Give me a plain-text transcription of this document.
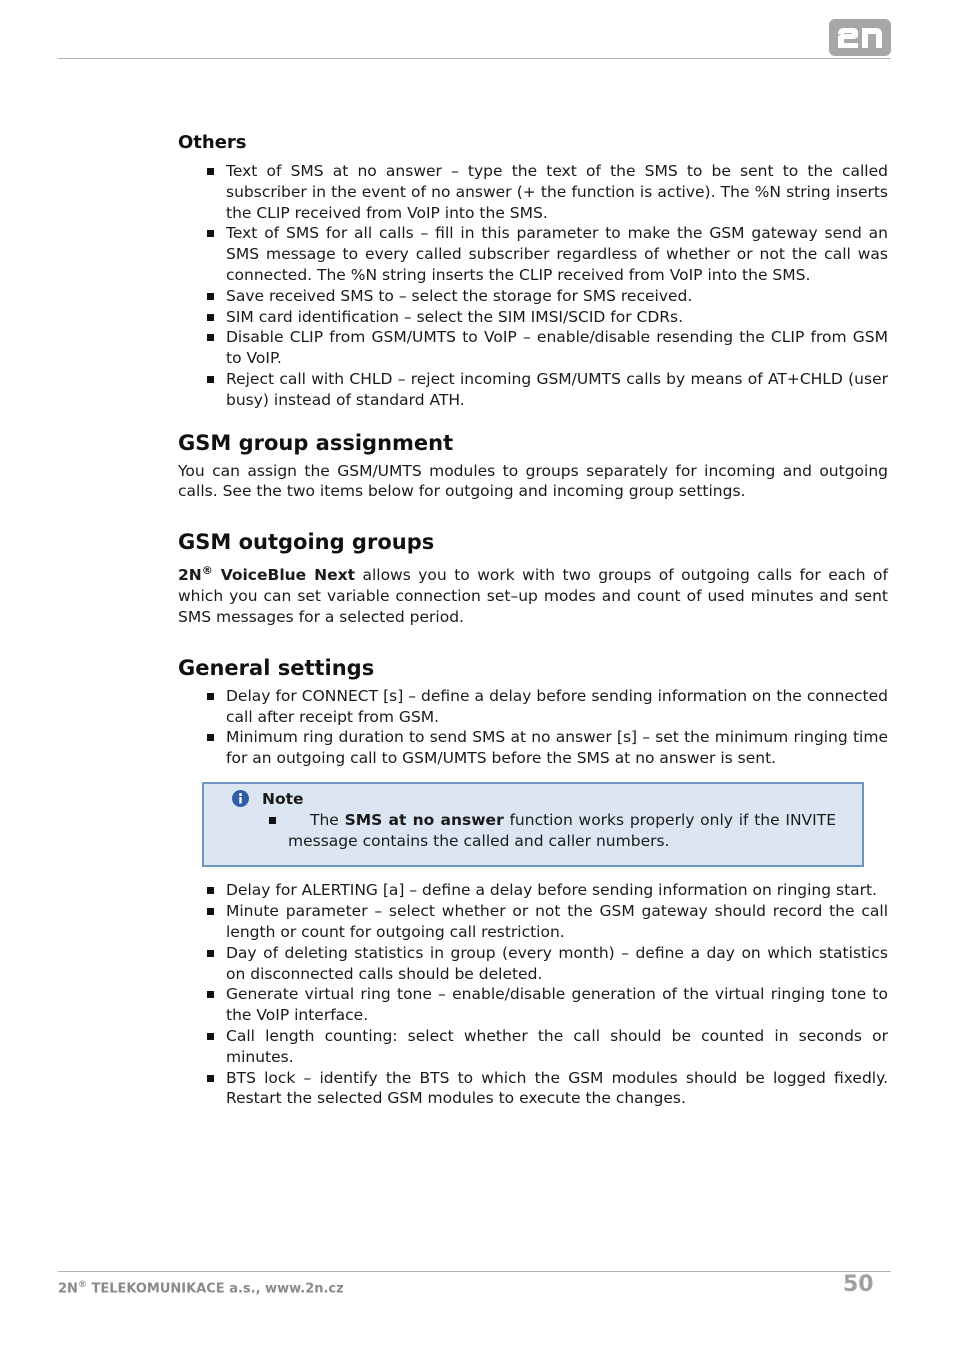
Others
Text of SMS at no answer – type the text of the SMS to be sent to the called subscriber in the event of no answer (+ the function is active). The %N string inserts the CLIP received from VoIP into the SMS.
Text of SMS for all calls – fill in this parameter to make the GSM gateway send an SMS message to every called subscriber regardless of whether or not the call was connected. The %N string inserts the CLIP received from VoIP into the SMS.
Save received SMS to – select the storage for SMS received.
SIM card identification – select the SIM IMSI/SCID for CDRs.
Disable CLIP from GSM/UMTS to VoIP – enable/disable resending the CLIP from GSM to VoIP.
Reject call with CHLD – reject incoming GSM/UMTS calls by means of AT+CHLD (user busy) instead of standard ATH.
GSM group assignment

You can assign the GSM/UMTS modules to groups separately for incoming and outgoing calls. See the two items below for outgoing and incoming group settings.

GSM outgoing groups

2N® VoiceBlue Next allows you to work with two groups of outgoing calls for each of which you can set variable connection set–up modes and count of used minutes and sent SMS messages for a selected period.

General settings
Delay for CONNECT [s] – define a delay before sending information on the connected call after receipt from GSM.
Minimum ring duration to send SMS at no answer [s] – set the minimum ringing time for an outgoing call to GSM/UMTS before the SMS at no answer is sent.
Note
The SMS at no answer function works properly only if the INVITE message contains the called and caller numbers.
Delay for ALERTING [a] – define a delay before sending information on ringing start.
Minute parameter – select whether or not the GSM gateway should record the call length or count for outgoing call restriction.
Day of deleting statistics in group (every month) – define a day on which statistics on disconnected calls should be deleted.
Generate virtual ring tone – enable/disable generation of the virtual ringing tone to the VoIP interface.
Call length counting: select whether the call should be counted in seconds or minutes.
BTS lock – identify the BTS to which the GSM modules should be logged fixedly. Restart the selected GSM modules to execute the changes.
2N® TELEKOMUNIKACE a.s., www.2n.cz	50
